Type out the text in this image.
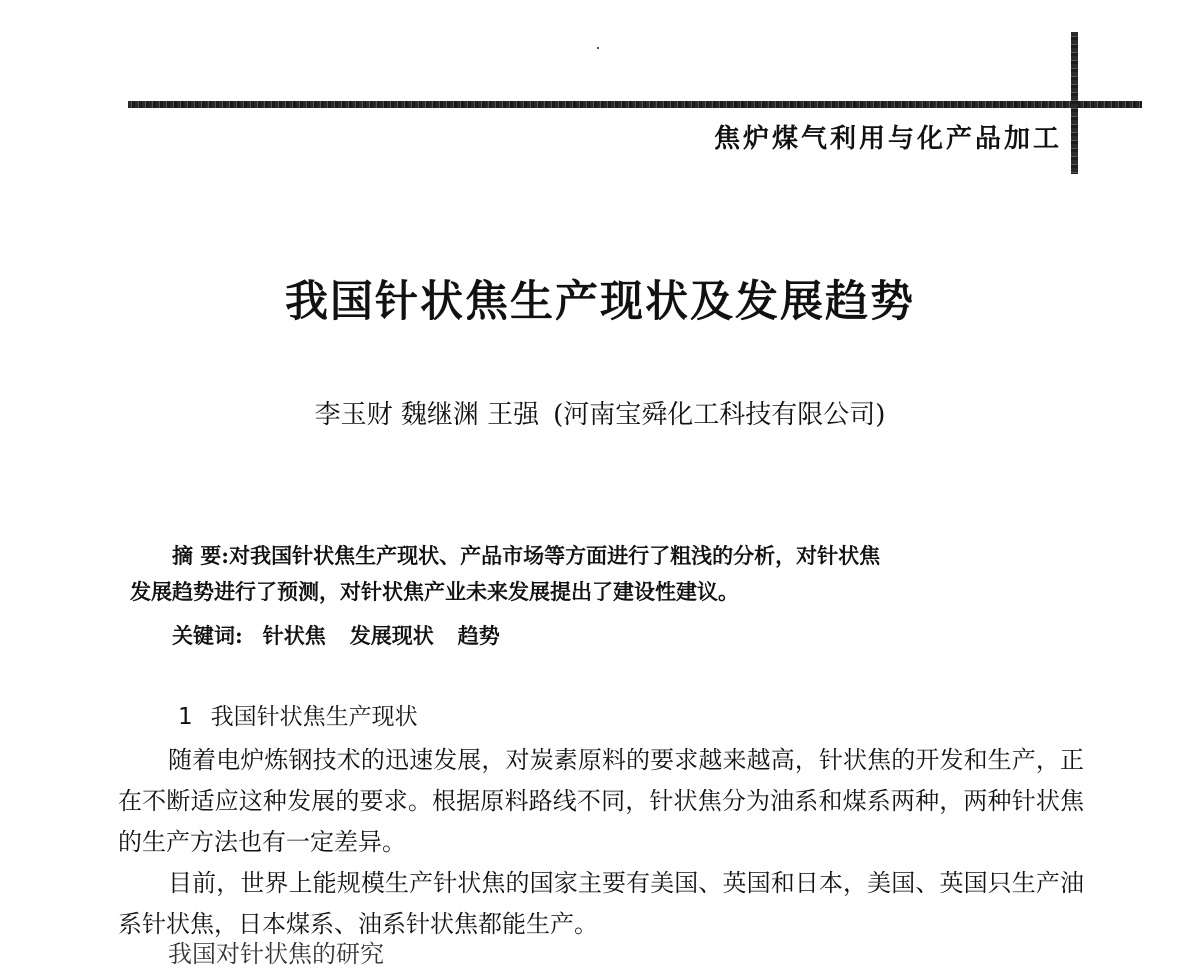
焦炉煤气利用与化产品加工
我国针状焦生产现状及发展趋势
李玉财 魏继渊 王强 (河南宝舜化工科技有限公司)
摘 要:对我国针状焦生产现状、产品市场等方面进行了粗浅的分析，对针状焦
发展趋势进行了预测，对针状焦产业未来发展提出了建设性建议。
关键词: 针状焦 发展现状 趋势
1 我国针状焦生产现状

随着电炉炼钢技术的迅速发展，对炭素原料的要求越来越高，针状焦的开发和生产，正在不断适应这种发展的要求。根据原料路线不同，针状焦分为油系和煤系两种，两种针状焦的生产方法也有一定差异。

目前，世界上能规模生产针状焦的国家主要有美国、英国和日本，美国、英国只生产油系针状焦，日本煤系、油系针状焦都能生产。

我国对针状焦的研究
